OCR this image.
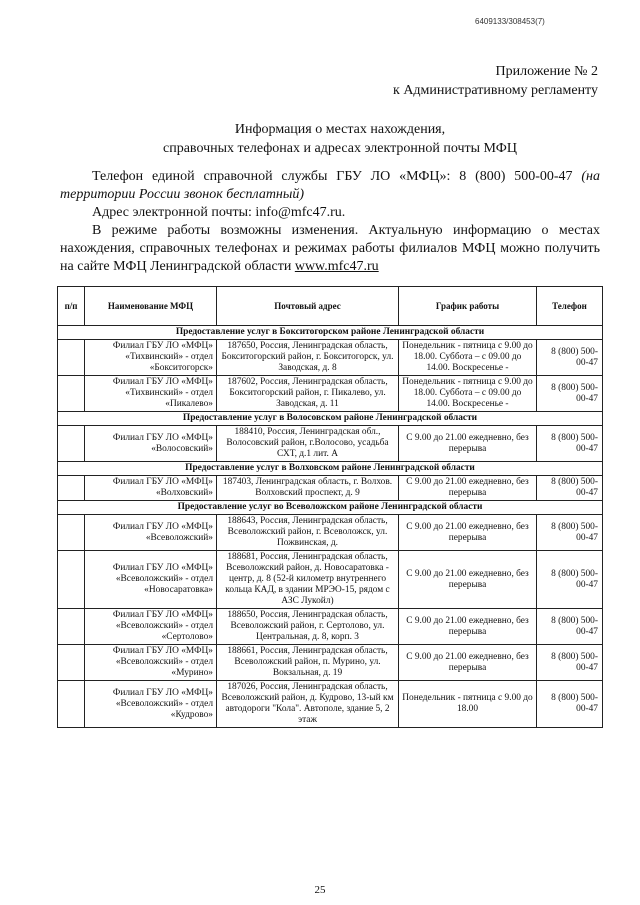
6409133/308453(7)
Приложение № 2
к Административному регламенту
Информация о местах нахождения,
справочных телефонах и адресах электронной почты МФЦ

Телефон единой справочной службы ГБУ ЛО «МФЦ»: 8 (800) 500-00-47 (на территории России звонок бесплатный)

Адрес электронной почты: info@mfc47.ru.

В режиме работы возможны изменения. Актуальную информацию о местах нахождения, справочных телефонах и режимах работы филиалов МФЦ можно получить на сайте МФЦ Ленинградской области www.mfc47.ru

п/п	Наименование МФЦ	Почтовый адрес	График работы	Телефон
Предоставление услуг в Бокситогорском районе Ленинградской области				
	Филиал ГБУ ЛО «МФЦ» «Тихвинский» - отдел «Бокситогорск»	187650, Россия, Ленинградская область, Бокситогорский район, г. Бокситогорск, ул. Заводская, д. 8	Понедельник - пятница с 9.00 до 18.00. Суббота – с 09.00 до 14.00. Воскресенье -	8 (800) 500-00-47
	Филиал ГБУ ЛО «МФЦ» «Тихвинский» - отдел «Пикалево»	187602, Россия, Ленинградская область, Бокситогорский район, г. Пикалево, ул. Заводская, д. 11	Понедельник - пятница с 9.00 до 18.00. Суббота – с 09.00 до 14.00. Воскресенье -	8 (800) 500-00-47
Предоставление услуг в Волосовском районе Ленинградской области				
	Филиал ГБУ ЛО «МФЦ» «Волосовский»	188410, Россия, Ленинградская обл., Волосовский район, г.Волосово, усадьба СХТ, д.1 лит. А	С 9.00 до 21.00 ежедневно, без перерыва	8 (800) 500-00-47
Предоставление услуг в Волховском районе Ленинградской области				
	Филиал ГБУ ЛО «МФЦ» «Волховский»	187403, Ленинградская область, г. Волхов. Волховский проспект, д. 9	С 9.00 до 21.00 ежедневно, без перерыва	8 (800) 500-00-47
Предоставление услуг во Всеволожском районе Ленинградской области				
	Филиал ГБУ ЛО «МФЦ» «Всеволожский»	188643, Россия, Ленинградская область, Всеволожский район, г. Всеволожск, ул. Пожвинская, д.	С 9.00 до 21.00 ежедневно, без перерыва	8 (800) 500-00-47
	Филиал ГБУ ЛО «МФЦ» «Всеволожский» - отдел «Новосаратовка»	188681, Россия, Ленинградская область, Всеволожский район, д. Новосаратовка - центр, д. 8 (52-й километр внутреннего кольца КАД, в здании МРЭО-15, рядом с АЗС Лукойл)	С 9.00 до 21.00 ежедневно, без перерыва	8 (800) 500-00-47
	Филиал ГБУ ЛО «МФЦ» «Всеволожский» - отдел «Сертолово»	188650, Россия, Ленинградская область, Всеволожский район, г. Сертолово, ул. Центральная, д. 8, корп. 3	С 9.00 до 21.00 ежедневно, без перерыва	8 (800) 500-00-47
	Филиал ГБУ ЛО «МФЦ» «Всеволожский» - отдел «Мурино»	188661, Россия, Ленинградская область, Всеволожский район, п. Мурино, ул. Вокзальная, д. 19	С 9.00 до 21.00 ежедневно, без перерыва	8 (800) 500-00-47
	Филиал ГБУ ЛО «МФЦ» «Всеволожский» - отдел «Кудрово»	187026, Россия, Ленинградская область, Всеволожский район, д. Кудрово, 13-ый км автодороги "Кола". Автополе, здание 5, 2 этаж	Понедельник - пятница с 9.00 до 18.00	8 (800) 500-00-47
25
